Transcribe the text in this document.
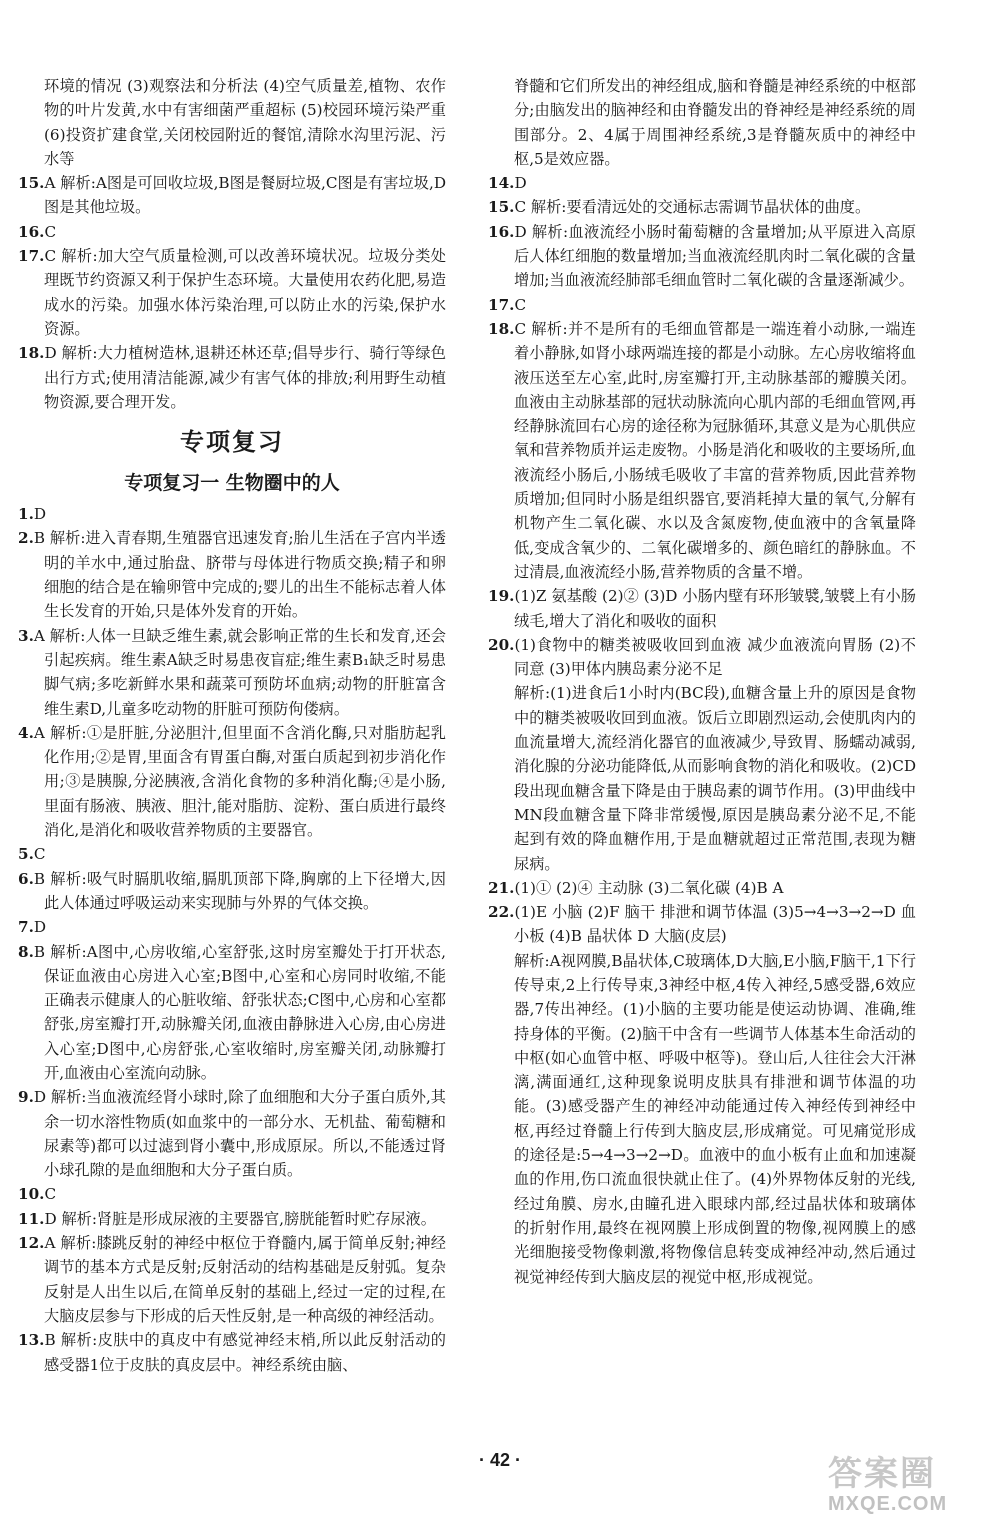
环境的情况 (3)观察法和分析法 (4)空气质量差,植物、农作物的叶片发黄,水中有害细菌严重超标 (5)校园环境污染严重 (6)投资扩建食堂,关闭校园附近的餐馆,清除水沟里污泥、污水等

15.A 解析:A图是可回收垃圾,B图是餐厨垃圾,C图是有害垃圾,D图是其他垃圾。

16.C

17.C 解析:加大空气质量检测,可以改善环境状况。垃圾分类处理既节约资源又利于保护生态环境。大量使用农药化肥,易造成水的污染。加强水体污染治理,可以防止水的污染,保护水资源。

18.D 解析:大力植树造林,退耕还林还草;倡导步行、骑行等绿色出行方式;使用清洁能源,减少有害气体的排放;利用野生动植物资源,要合理开发。

专项复习
专项复习一 生物圈中的人

1.D

2.B 解析:进入青春期,生殖器官迅速发育;胎儿生活在子宫内半透明的羊水中,通过胎盘、脐带与母体进行物质交换;精子和卵细胞的结合是在输卵管中完成的;婴儿的出生不能标志着人体生长发育的开始,只是体外发育的开始。

3.A 解析:人体一旦缺乏维生素,就会影响正常的生长和发育,还会引起疾病。维生素A缺乏时易患夜盲症;维生素B₁缺乏时易患脚气病;多吃新鲜水果和蔬菜可预防坏血病;动物的肝脏富含维生素D,儿童多吃动物的肝脏可预防佝偻病。

4.A 解析:①是肝脏,分泌胆汁,但里面不含消化酶,只对脂肪起乳化作用;②是胃,里面含有胃蛋白酶,对蛋白质起到初步消化作用;③是胰腺,分泌胰液,含消化食物的多种消化酶;④是小肠,里面有肠液、胰液、胆汁,能对脂肪、淀粉、蛋白质进行最终消化,是消化和吸收营养物质的主要器官。

5.C

6.B 解析:吸气时膈肌收缩,膈肌顶部下降,胸廓的上下径增大,因此人体通过呼吸运动来实现肺与外界的气体交换。

7.D

8.B 解析:A图中,心房收缩,心室舒张,这时房室瓣处于打开状态,保证血液由心房进入心室;B图中,心室和心房同时收缩,不能正确表示健康人的心脏收缩、舒张状态;C图中,心房和心室都舒张,房室瓣打开,动脉瓣关闭,血液由静脉进入心房,由心房进入心室;D图中,心房舒张,心室收缩时,房室瓣关闭,动脉瓣打开,血液由心室流向动脉。

9.D 解析:当血液流经肾小球时,除了血细胞和大分子蛋白质外,其余一切水溶性物质(如血浆中的一部分水、无机盐、葡萄糖和尿素等)都可以过滤到肾小囊中,形成原尿。所以,不能透过肾小球孔隙的是血细胞和大分子蛋白质。

10.C

11.D 解析:肾脏是形成尿液的主要器官,膀胱能暂时贮存尿液。

12.A 解析:膝跳反射的神经中枢位于脊髓内,属于简单反射;神经调节的基本方式是反射;反射活动的结构基础是反射弧。复杂反射是人出生以后,在简单反射的基础上,经过一定的过程,在大脑皮层参与下形成的后天性反射,是一种高级的神经活动。

13.B 解析:皮肤中的真皮中有感觉神经末梢,所以此反射活动的感受器1位于皮肤的真皮层中。神经系统由脑、

脊髓和它们所发出的神经组成,脑和脊髓是神经系统的中枢部分;由脑发出的脑神经和由脊髓发出的脊神经是神经系统的周围部分。2、4属于周围神经系统,3是脊髓灰质中的神经中枢,5是效应器。

14.D

15.C 解析:要看清远处的交通标志需调节晶状体的曲度。

16.D 解析:血液流经小肠时葡萄糖的含量增加;从平原进入高原后人体红细胞的数量增加;当血液流经肌肉时二氧化碳的含量增加;当血液流经肺部毛细血管时二氧化碳的含量逐渐减少。

17.C

18.C 解析:并不是所有的毛细血管都是一端连着小动脉,一端连着小静脉,如肾小球两端连接的都是小动脉。左心房收缩将血液压送至左心室,此时,房室瓣打开,主动脉基部的瓣膜关闭。血液由主动脉基部的冠状动脉流向心肌内部的毛细血管网,再经静脉流回右心房的途径称为冠脉循环,其意义是为心肌供应氧和营养物质并运走废物。小肠是消化和吸收的主要场所,血液流经小肠后,小肠绒毛吸收了丰富的营养物质,因此营养物质增加;但同时小肠是组织器官,要消耗掉大量的氧气,分解有机物产生二氧化碳、水以及含氮废物,使血液中的含氧量降低,变成含氧少的、二氧化碳增多的、颜色暗红的静脉血。不过清晨,血液流经小肠,营养物质的含量不增。

19.(1)Z 氨基酸 (2)② (3)D 小肠内壁有环形皱襞,皱襞上有小肠绒毛,增大了消化和吸收的面积

20.(1)食物中的糖类被吸收回到血液 减少血液流向胃肠 (2)不同意 (3)甲体内胰岛素分泌不足

解析:(1)进食后1小时内(BC段),血糖含量上升的原因是食物中的糖类被吸收回到血液。饭后立即剧烈运动,会使肌肉内的血流量增大,流经消化器官的血液减少,导致胃、肠蠕动减弱,消化腺的分泌功能降低,从而影响食物的消化和吸收。(2)CD段出现血糖含量下降是由于胰岛素的调节作用。(3)甲曲线中MN段血糖含量下降非常缓慢,原因是胰岛素分泌不足,不能起到有效的降血糖作用,于是血糖就超过正常范围,表现为糖尿病。

21.(1)① (2)④ 主动脉 (3)二氧化碳 (4)B A

22.(1)E 小脑 (2)F 脑干 排泄和调节体温 (3)5→4→3→2→D 血小板 (4)B 晶状体 D 大脑(皮层)

解析:A视网膜,B晶状体,C玻璃体,D大脑,E小脑,F脑干,1下行传导束,2上行传导束,3神经中枢,4传入神经,5感受器,6效应器,7传出神经。(1)小脑的主要功能是使运动协调、准确,维持身体的平衡。(2)脑干中含有一些调节人体基本生命活动的中枢(如心血管中枢、呼吸中枢等)。登山后,人往往会大汗淋漓,满面通红,这种现象说明皮肤具有排泄和调节体温的功能。(3)感受器产生的神经冲动能通过传入神经传到神经中枢,再经过脊髓上行传到大脑皮层,形成痛觉。可见痛觉形成的途径是:5→4→3→2→D。血液中的血小板有止血和加速凝血的作用,伤口流血很快就止住了。(4)外界物体反射的光线,经过角膜、房水,由瞳孔进入眼球内部,经过晶状体和玻璃体的折射作用,最终在视网膜上形成倒置的物像,视网膜上的感光细胞接受物像刺激,将物像信息转变成神经冲动,然后通过视觉神经传到大脑皮层的视觉中枢,形成视觉。

· 42 ·	答案圈
MXQE.COM
